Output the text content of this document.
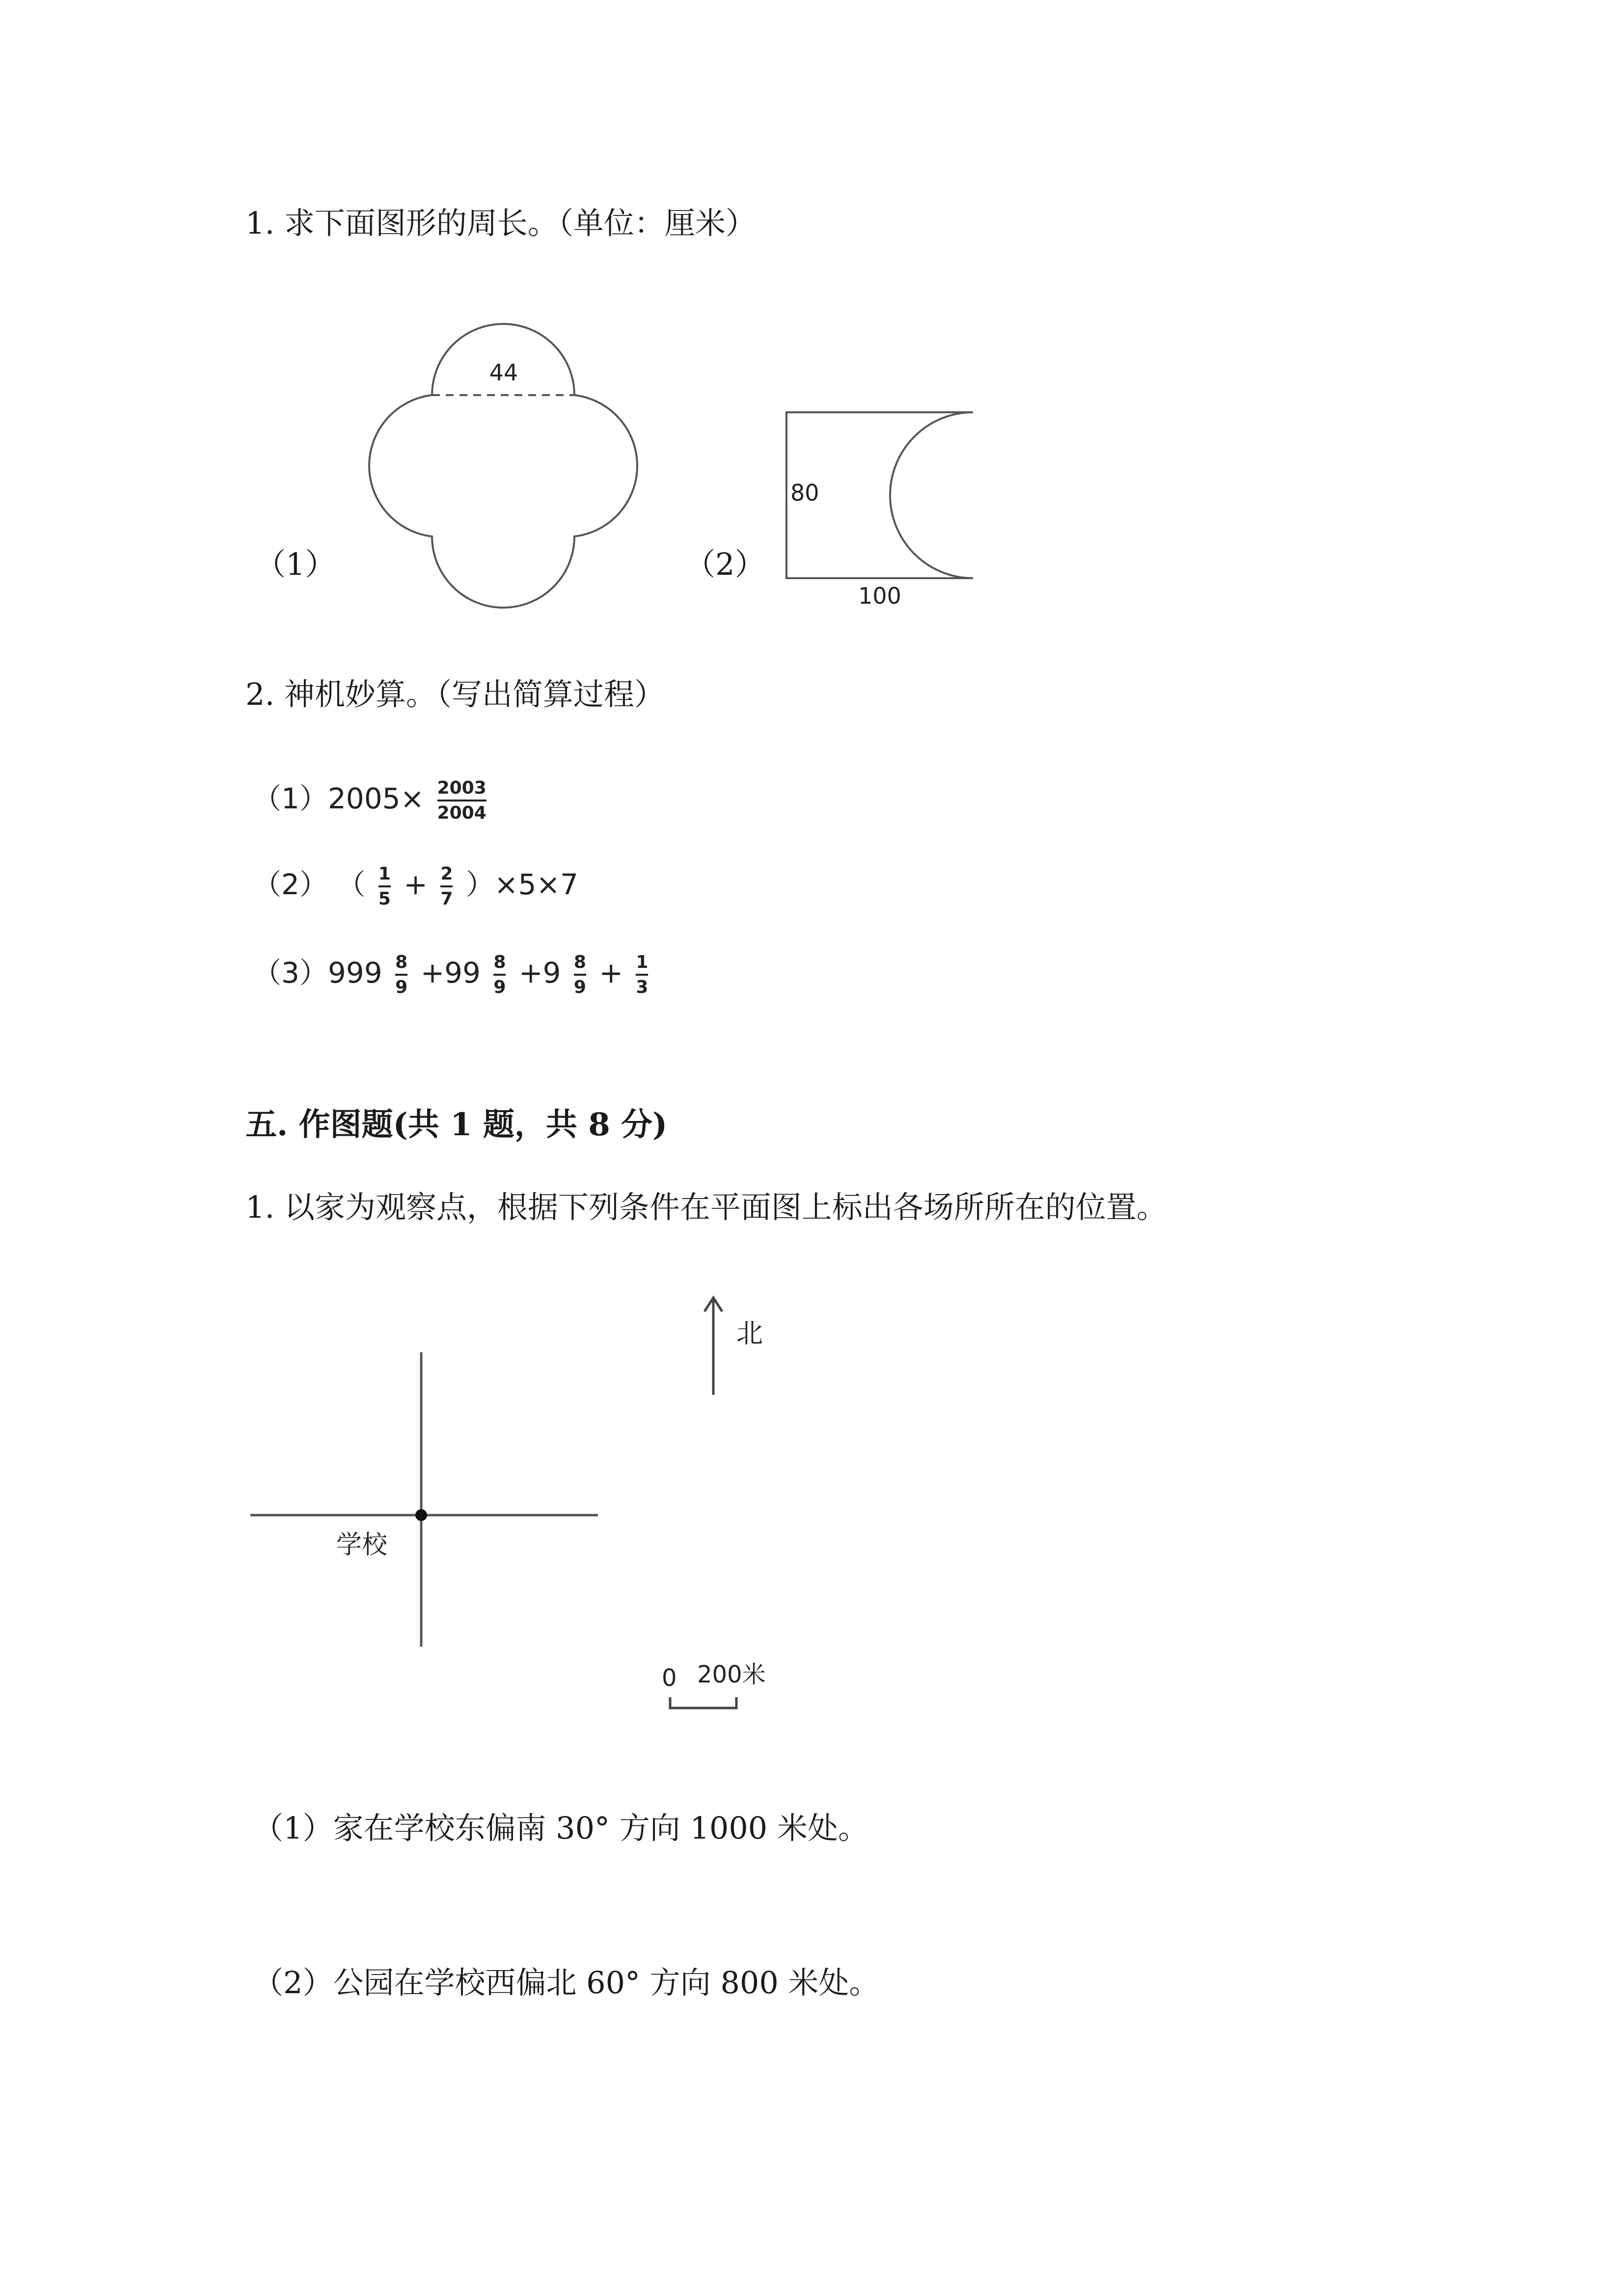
1. 求下面图形的周长。（单位：厘米）
（1）
44
（2）
80
100
2. 神机妙算。（写出简算过程）
$(1)2005\times \frac{2003}{2004}$
（2） （ $\frac{1}{5} + \frac{2}{7} )\times 5\times 7$
$(3)999 \frac{8}{9} +99 \frac{8}{9} +9 \frac{8}{9} + \frac{1}{3}$
五. 作图题(共 1 题，共 8 分)
1. 以家为观察点，根据下列条件在平面图上标出各场所所在的位置。
北
学校
0 200米
（1）家在学校东偏南 30° 方向 1000 米处。
（2）公园在学校西偏北 60° 方向 800 米处。
